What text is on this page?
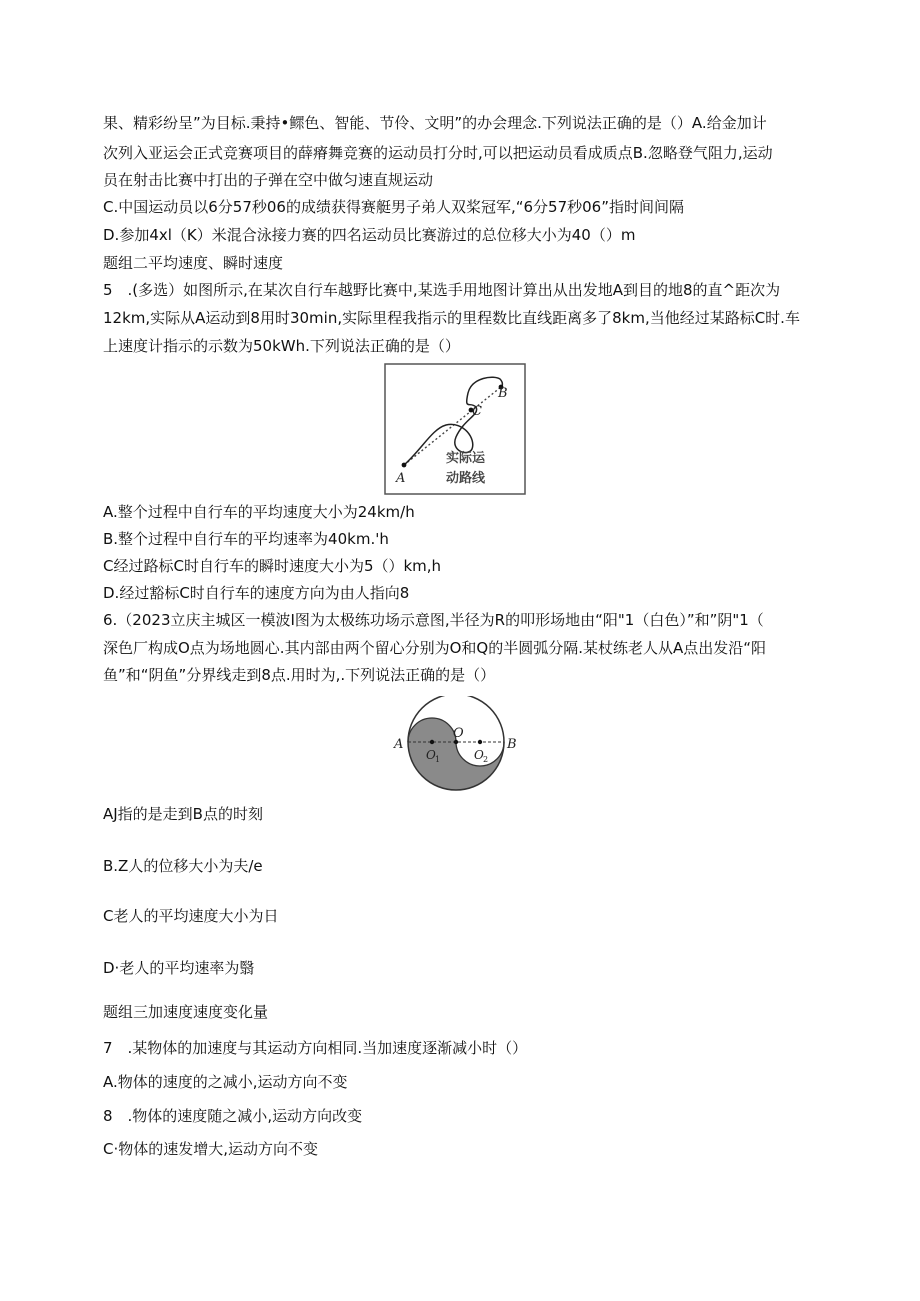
果、精彩纷呈”为目标.秉持•鳏色、智能、节伶、文明”的办会理念.下列说法正确的是（）A.给金加计
次列入亚运会正式竞赛项目的薛瘠舞竞赛的运动员打分时,可以把运动员看成质点B.忽略登气阻力,运动
员在射击比赛中打出的子弹在空中做匀速直规运动
C.中国运动员以6分57秒06的成绩获得赛艇男子弟人双桨冠军,“6分57秒06”指时间间隔
D.参加4xl（K）米混合泳接力赛的四名运动员比赛游过的总位移大小为40（）m
题组二平均速度、瞬时速度
5　.(多选）如图所示,在某次自行车越野比赛中,某选手用地图计算出从出发地A到目的地8的直^距次为
12km,实际从A运动到8用时30min,实际里程我指示的里程数比直线距离多了8km,当他经过某路标C时.车
上速度计指示的示数为50kWh.下列说法正确的是（）
A
B
C
实际运
动路线
A.整个过程中自行车的平均速度大小为24km/h
B.整个过程中自行车的平均速率为40km.'h
C经过路标C时自行车的瞬时速度大小为5（）km,h
D.经过豁标C时自行车的速度方向为由人指向8
6.（2023立庆主城区一模波I图为太极练功场示意图,半径为R的叩形场地由“阳"1（白色）”和”阴"1（
深色厂构成O点为场地圆心.其内部由两个留心分别为O和Q的半圆弧分隔.某杖练老人从A点出发沿“阳
鱼”和“阴鱼”分界线走到8点.用时为,.下列说法正确的是（）
A	B
O
O 1	O 2
AJ指的是走到B点的时刻
B.Z人的位移大小为夫/e
C老人的平均速度大小为日
D·老人的平均速率为翳
题组三加速度速度变化量
7　.某物体的加速度与其运动方向相同.当加速度逐渐减小时（）
A.物体的速度的之减小,运动方向不变
8　.物体的速度随之减小,运动方向改变
C·物体的速发增大,运动方向不变
